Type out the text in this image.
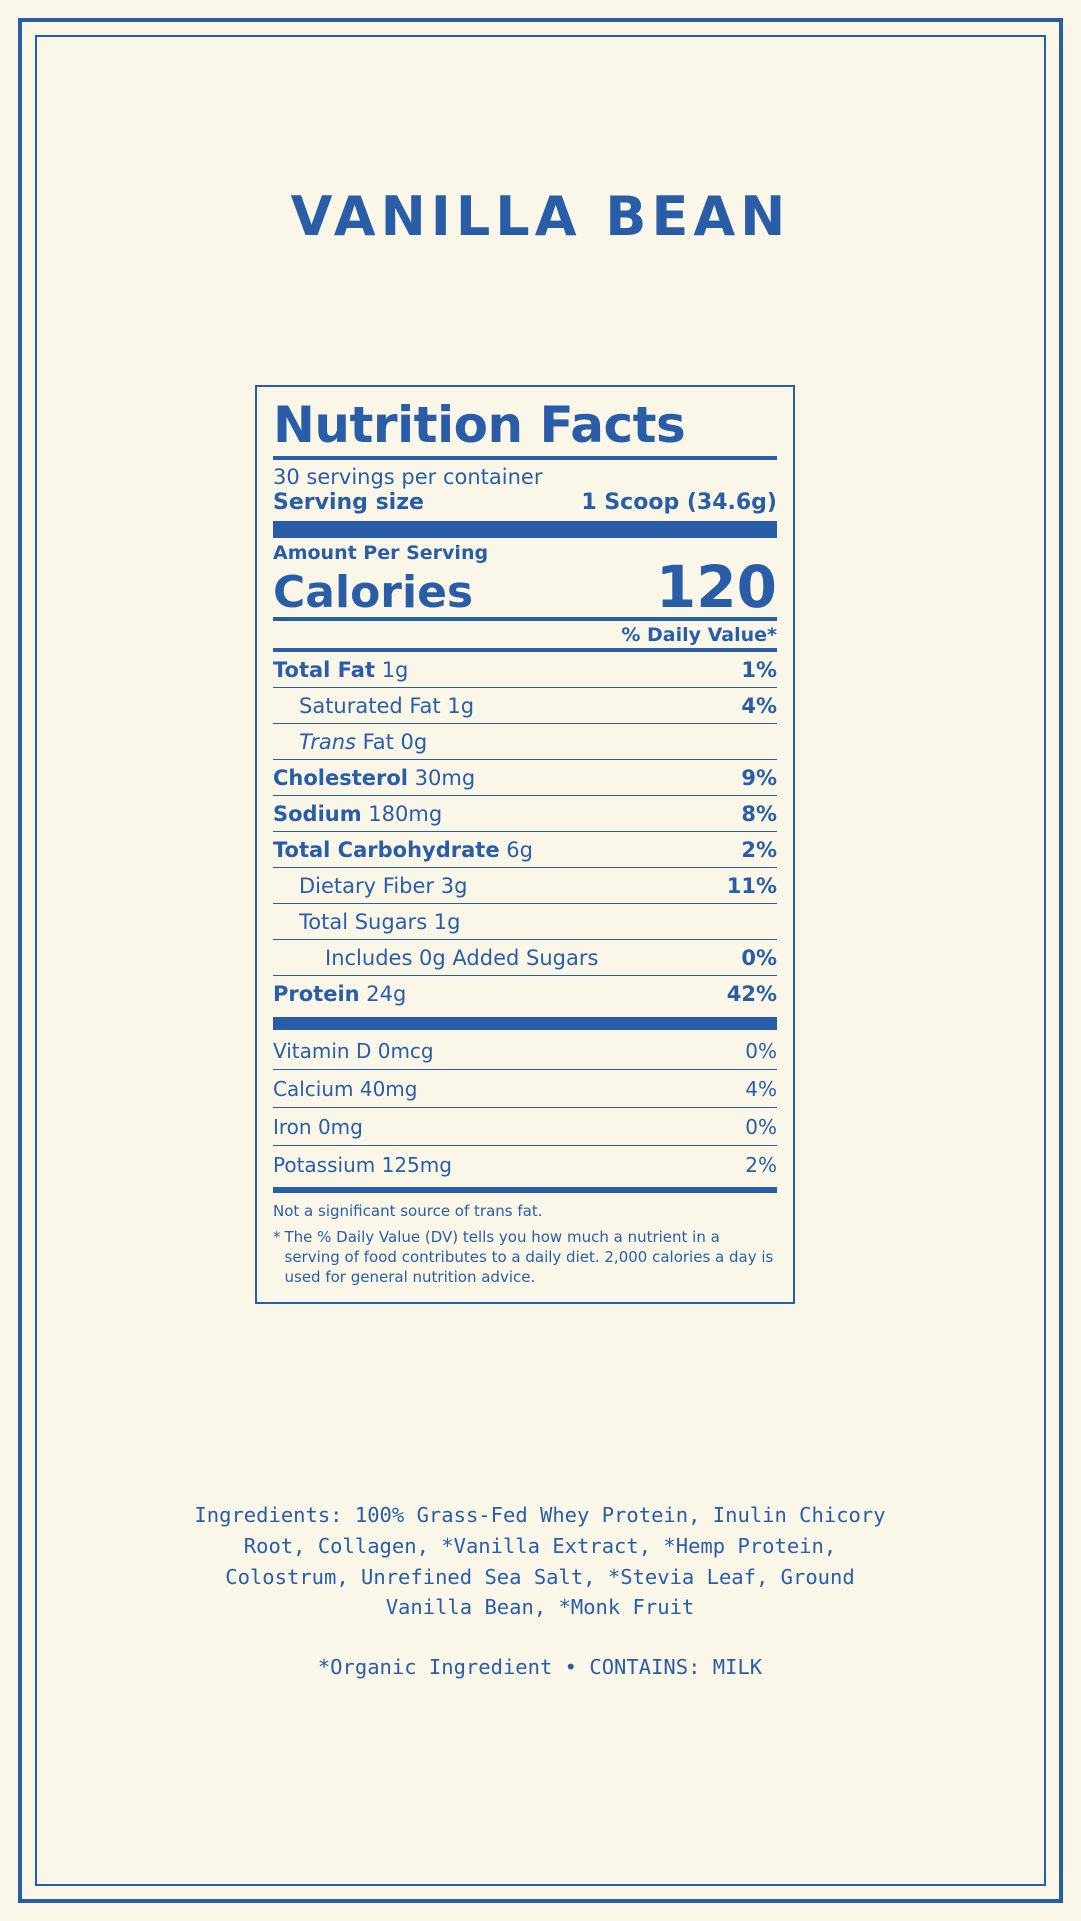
VANILLA BEAN
Nutrition Facts
30 servings per container
Serving size	1 Scoop (34.6g)
Amount Per Serving
Calories	120
% Daily Value*
Total Fat 1g	1%
Saturated Fat 1g	4%
Trans Fat 0g
Cholesterol 30mg	9%
Sodium 180mg	8%
Total Carbohydrate 6g	2%
Dietary Fiber 3g	11%
Total Sugars 1g
Includes 0g Added Sugars	0%
Protein 24g	42%
Vitamin D 0mcg	0%
Calcium 40mg	4%
Iron 0mg	0%
Potassium 125mg	2%
Not a significant source of trans fat.
* The % Daily Value (DV) tells you how much a nutrient in a serving of food contributes to a daily diet. 2,000 calories a day is used for general nutrition advice.
Ingredients: 100% Grass-Fed Whey Protein, Inulin Chicory Root, Collagen, *Vanilla Extract, *Hemp Protein, Colostrum, Unrefined Sea Salt, *Stevia Leaf, Ground Vanilla Bean, *Monk Fruit
*Organic Ingredient • CONTAINS: MILK
